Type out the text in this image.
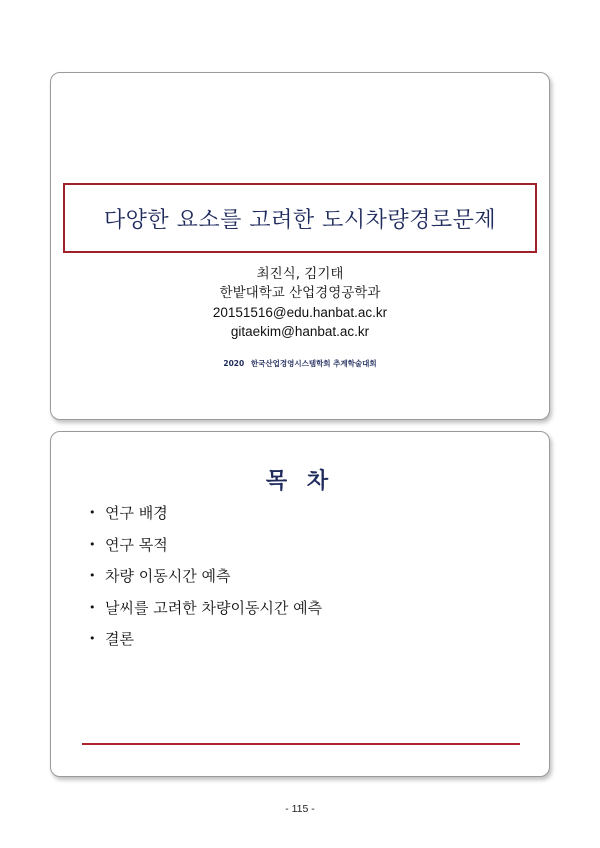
다양한 요소를 고려한 도시차량경로문제
최진식, 김기태
한밭대학교 산업경영공학과
20151516@edu.hanbat.ac.kr
gitaekim@hanbat.ac.kr
2020 한국산업경영시스템학회 추계학술대회
목 차
• 연구 배경
• 연구 목적
• 차량 이동시간 예측
• 날씨를 고려한 차량이동시간 예측
• 결론
- 115 -
